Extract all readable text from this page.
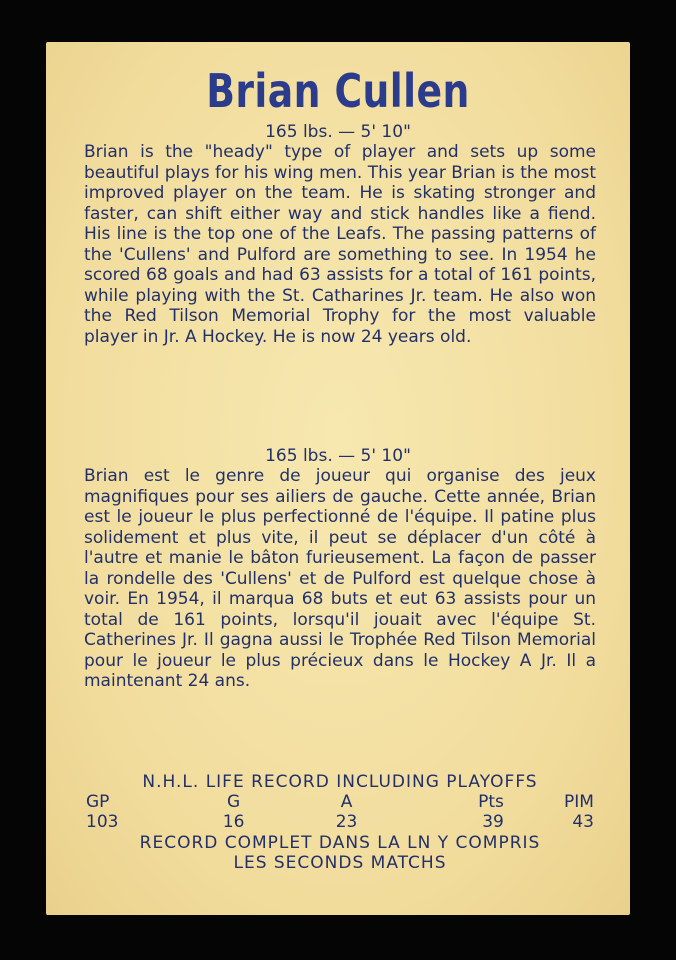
Brian Cullen
165 lbs. — 5' 10"
Brian is the "heady" type of player and sets up some beautiful plays for his wing men. This year Brian is the most improved player on the team. He is skating stronger and faster, can shift either way and stick handles like a fiend. His line is the top one of the Leafs. The passing patterns of the 'Cullens' and Pulford are something to see. In 1954 he scored 68 goals and had 63 assists for a total of 161 points, while playing with the St. Catharines Jr. team. He also won the Red Tilson Memorial Trophy for the most valuable player in Jr. A Hockey. He is now 24 years old.
165 lbs. — 5' 10"
Brian est le genre de joueur qui organise des jeux magnifiques pour ses ailiers de gauche. Cette année, Brian est le joueur le plus perfectionné de l'équipe. Il patine plus solidement et plus vite, il peut se déplacer d'un côté à l'autre et manie le bâton furieusement. La façon de passer la rondelle des 'Cullens' et de Pulford est quelque chose à voir. En 1954, il marqua 68 buts et eut 63 assists pour un total de 161 points, lorsqu'il jouait avec l'équipe St. Catherines Jr. Il gagna aussi le Trophée Red Tilson Memorial pour le joueur le plus précieux dans le Hockey A Jr. Il a maintenant 24 ans.
N.H.L. LIFE RECORD INCLUDING PLAYOFFS
GP	G	A	Pts	PIM
103	16	23	39	43
RECORD COMPLET DANS LA LN Y COMPRIS
LES SECONDS MATCHS
